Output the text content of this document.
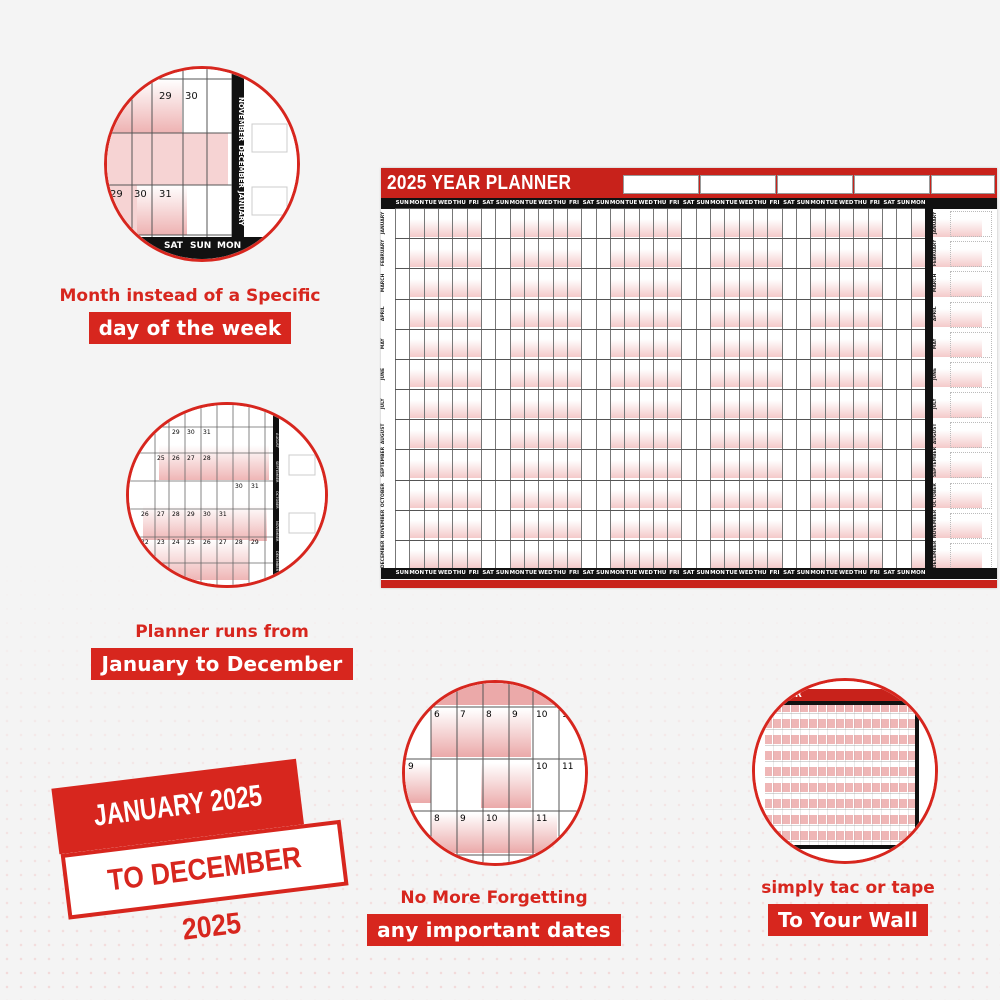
29 30
29 30 31
NOVEMBER
DECEMBER
JANUARY
SAT SUN MON
Month instead of a Specific
day of the week
29 30 31
25 26 27 28
26 27 28 29 30 31
22 23 24 25 26 27 28 29
30 31
JULY
AUGUST
SEPTEMBER
OCTOBER
NOVEMBER
DECEMBER
Planner runs from
January to December
2025 YEAR PLANNER
SUN MON TUE WED THU FRI SAT SUN MON TUE WED THU FRI SAT SUN MON TUE WED THU FRI SAT SUN MON TUE WED THU FRI SAT SUN MON TUE WED THU FRI SAT SUN MON
JANUARY
FEBRUARY
MARCH
APRIL
MAY
JUNE
JULY
AUGUST
SEPTEMBER
OCTOBER
NOVEMBER
DECEMBER
JANUARY
FEBRUARY
MARCH
APRIL
MAY
JUNE
JULY
AUGUST
SEPTEMBER
OCTOBER
NOVEMBER
DECEMBER
SUN MON TUE WED THU FRI SAT SUN MON TUE WED THU FRI SAT SUN MON TUE WED THU FRI SAT SUN MON TUE WED THU FRI SAT SUN MON TUE WED THU FRI SAT SUN MON
JANUARY 2025
TO DECEMBER 2025
6 7 8 9 10 11
9	10 11
8 9 10	11
No More Forgetting
any important dates
LANNER
simply tac or tape
To Your Wall
